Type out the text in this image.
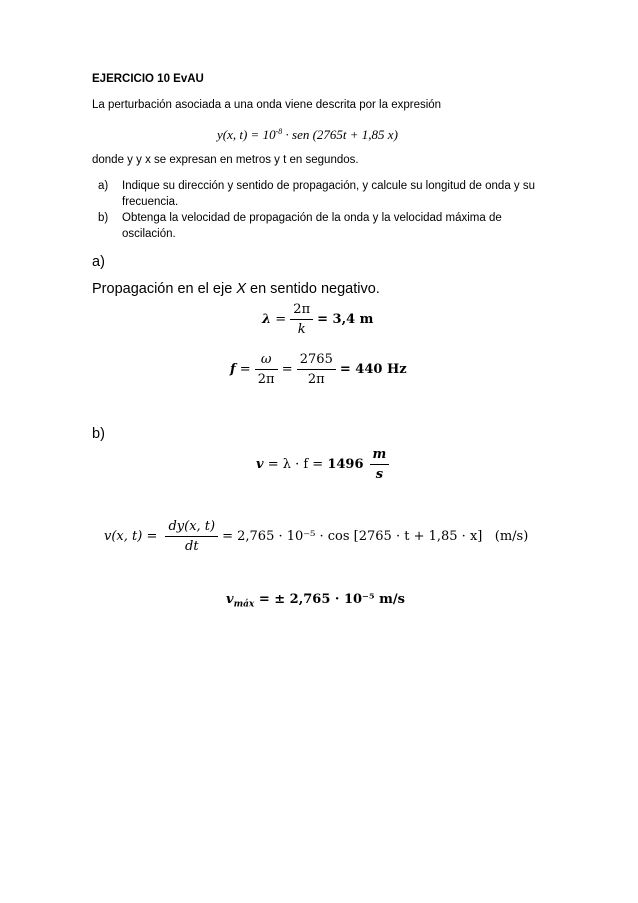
EJERCICIO 10 EvAU
La perturbación asociada a una onda viene descrita por la expresión
y(x, $t) = 10^{-8}$ · sen (2765t + 1,85 x)
donde y y x se expresan en metros y t en segundos.
a) Indique su dirección y sentido de propagación, y calcule su longitud de onda y su frecuencia.
b) Obtenga la velocidad de propagación de la onda y la velocidad máxima de oscilación.
a)
Propagación en el eje X en sentido negativo.
$\lambda = \frac{2\pi}{k} = 3,4$ m
$f = \frac{\omega}{2\pi} = \frac{2765}{2\pi} = 440$ Hz
b)
$v = \lambda \cdot f = 1496 \frac{m}{s}$
v(x, $t) = \frac{dy(x, t)}{dt} = 2,765 \cdot 10^{-5} \cdot \cos [2765 \cdot t + 1,85 \cdot x]$   (m/s)
$v_{máx}$ = ± 2,765 · 10⁻⁵ m/s
